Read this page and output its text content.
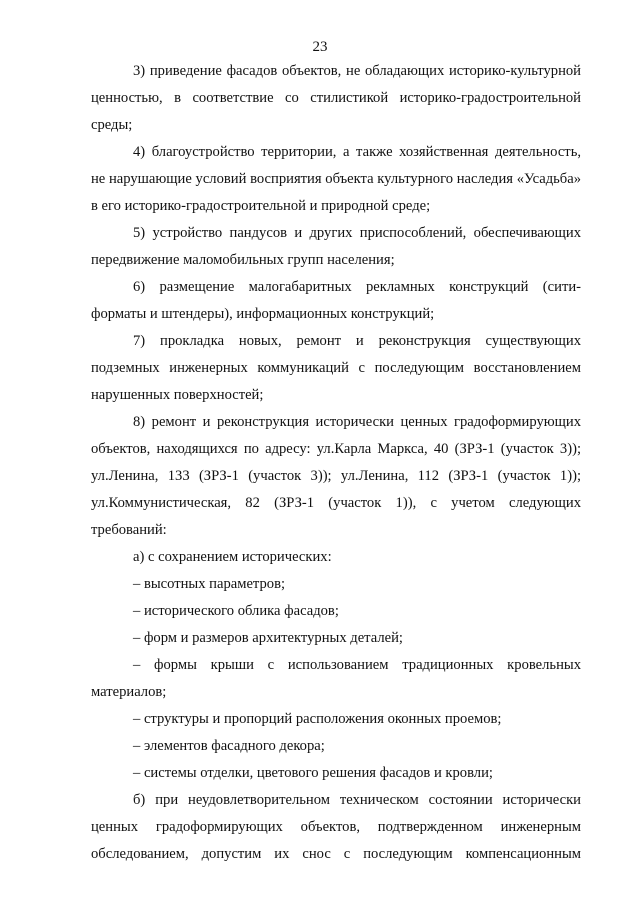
23

3) приведение фасадов объектов, не обладающих историко-культурной ценностью, в соответствие со стилистикой историко-градостроительной среды;

4) благоустройство территории, а также хозяйственная деятельность, не нарушающие условий восприятия объекта культурного наследия «Усадьба» в его историко-градостроительной и природной среде;

5) устройство пандусов и других приспособлений, обеспечивающих передвижение маломобильных групп населения;

6) размещение малогабаритных рекламных конструкций (сити-форматы и штендеры), информационных конструкций;

7) прокладка новых, ремонт и реконструкция существующих подземных инженерных коммуникаций с последующим восстановлением нарушенных поверхностей;

8) ремонт и реконструкция исторически ценных градоформирующих объектов, находящихся по адресу: ул.Карла Маркса, 40 (ЗРЗ-1 (участок 3)); ул.Ленина, 133 (ЗРЗ-1 (участок 3)); ул.Ленина, 112 (ЗРЗ-1 (участок 1)); ул.Коммунистическая, 82 (ЗРЗ-1 (участок 1)), с учетом следующих требований:

а) с сохранением исторических:

– высотных параметров;

– исторического облика фасадов;

– форм и размеров архитектурных деталей;

– формы крыши с использованием традиционных кровельных материалов;

– структуры и пропорций расположения оконных проемов;

– элементов фасадного декора;

– системы отделки, цветового решения фасадов и кровли;

б) при неудовлетворительном техническом состоянии исторически ценных градоформирующих объектов, подтвержденном инженерным обследованием, допустим их снос с последующим компенсационным
